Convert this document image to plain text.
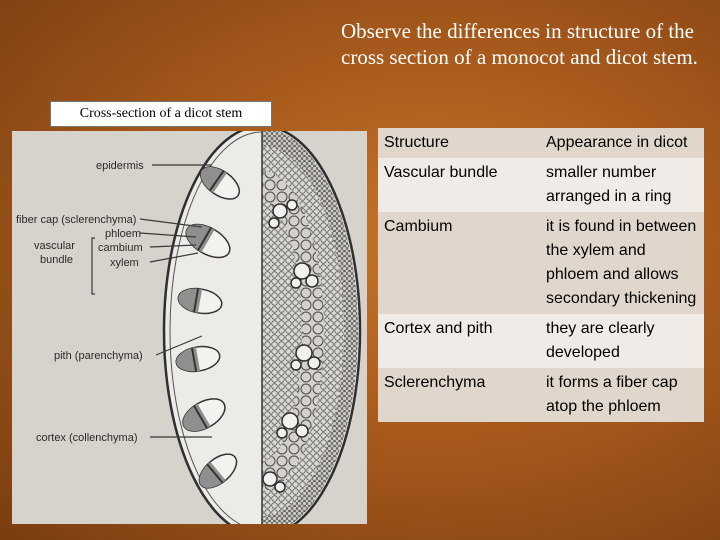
Observe the differences in structure of the cross section of a monocot and dicot stem.
Cross-section of a dicot stem
epidermis
fiber cap (sclerenchyma)
vascular
bundle
phloem
cambium
xylem
pith (parenchyma)
cortex (collenchyma)
Structure	Appearance in dicot
Vascular bundle	smaller number arranged in a ring
Cambium	it is found in between the xylem and phloem and allows secondary thickening
Cortex and pith	they are clearly developed
Sclerenchyma	it forms a fiber cap atop the phloem
